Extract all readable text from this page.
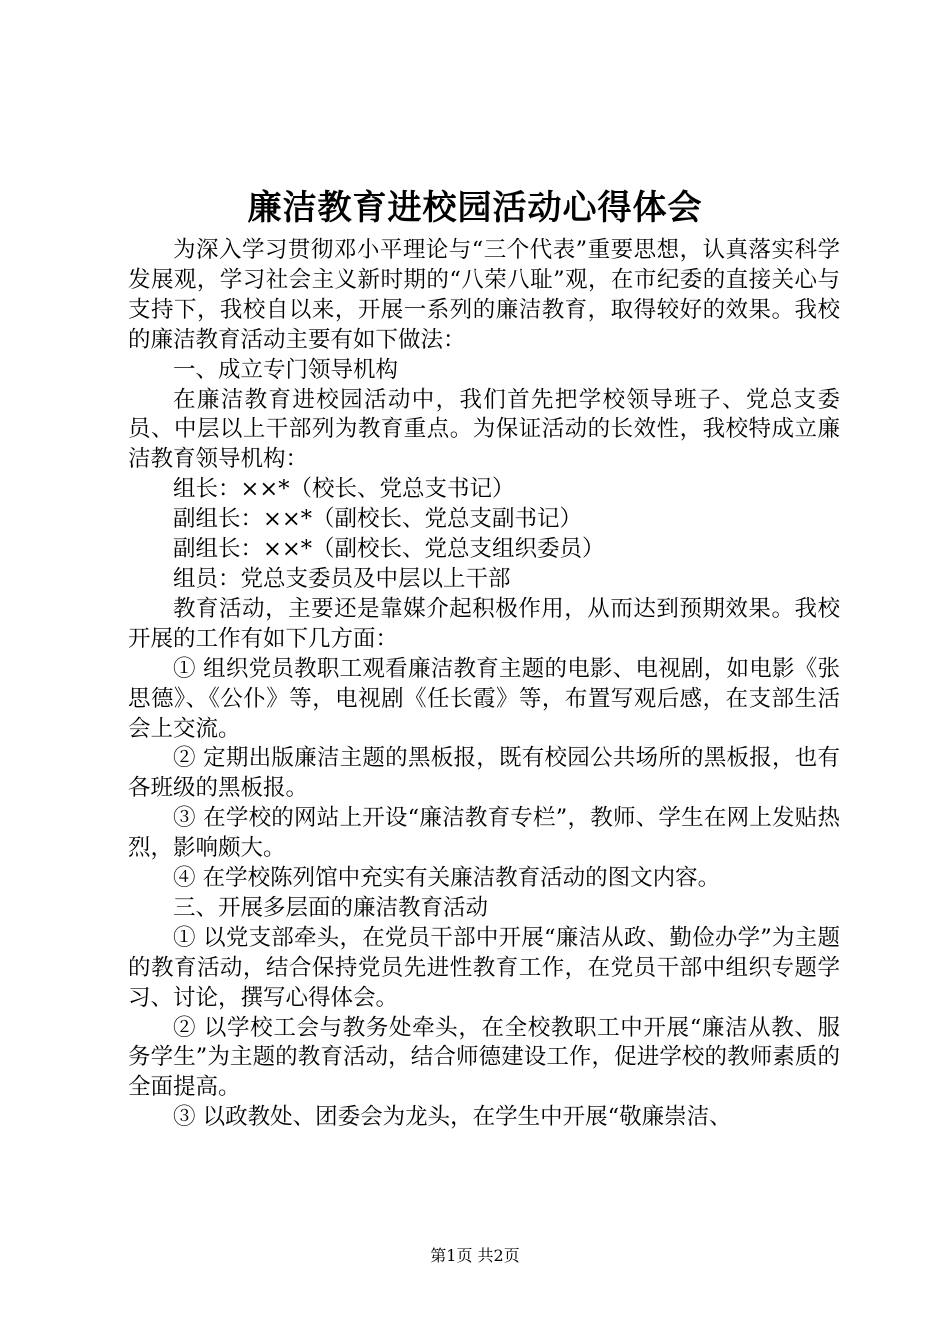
廉洁教育进校园活动心得体会

为深入学习贯彻邓小平理论与“三个代表”重要思想，认真落实科学发展观，学习社会主义新时期的“八荣八耻”观，在市纪委的直接关心与支持下，我校自以来，开展一系列的廉洁教育，取得较好的效果。我校的廉洁教育活动主要有如下做法：

一、成立专门领导机构

在廉洁教育进校园活动中，我们首先把学校领导班子、党总支委员、中层以上干部列为教育重点。为保证活动的长效性，我校特成立廉洁教育领导机构：

组长：××*（校长、党总支书记）

副组长：××*（副校长、党总支副书记）

副组长：××*（副校长、党总支组织委员）

组员：党总支委员及中层以上干部

教育活动，主要还是靠媒介起积极作用，从而达到预期效果。我校开展的工作有如下几方面：

① 组织党员教职工观看廉洁教育主题的电影、电视剧，如电影《张思德》、《公仆》等，电视剧《任长霞》等，布置写观后感，在支部生活会上交流。

② 定期出版廉洁主题的黑板报，既有校园公共场所的黑板报，也有各班级的黑板报。

③ 在学校的网站上开设“廉洁教育专栏”，教师、学生在网上发贴热烈，影响颇大。

④ 在学校陈列馆中充实有关廉洁教育活动的图文内容。

三、开展多层面的廉洁教育活动

① 以党支部牵头，在党员干部中开展“廉洁从政、勤俭办学”为主题的教育活动，结合保持党员先进性教育工作，在党员干部中组织专题学习、讨论，撰写心得体会。

② 以学校工会与教务处牵头，在全校教职工中开展“廉洁从教、服务学生”为主题的教育活动，结合师德建设工作，促进学校的教师素质的全面提高。

③ 以政教处、团委会为龙头，在学生中开展“敬廉崇洁、

第1页 共2页
